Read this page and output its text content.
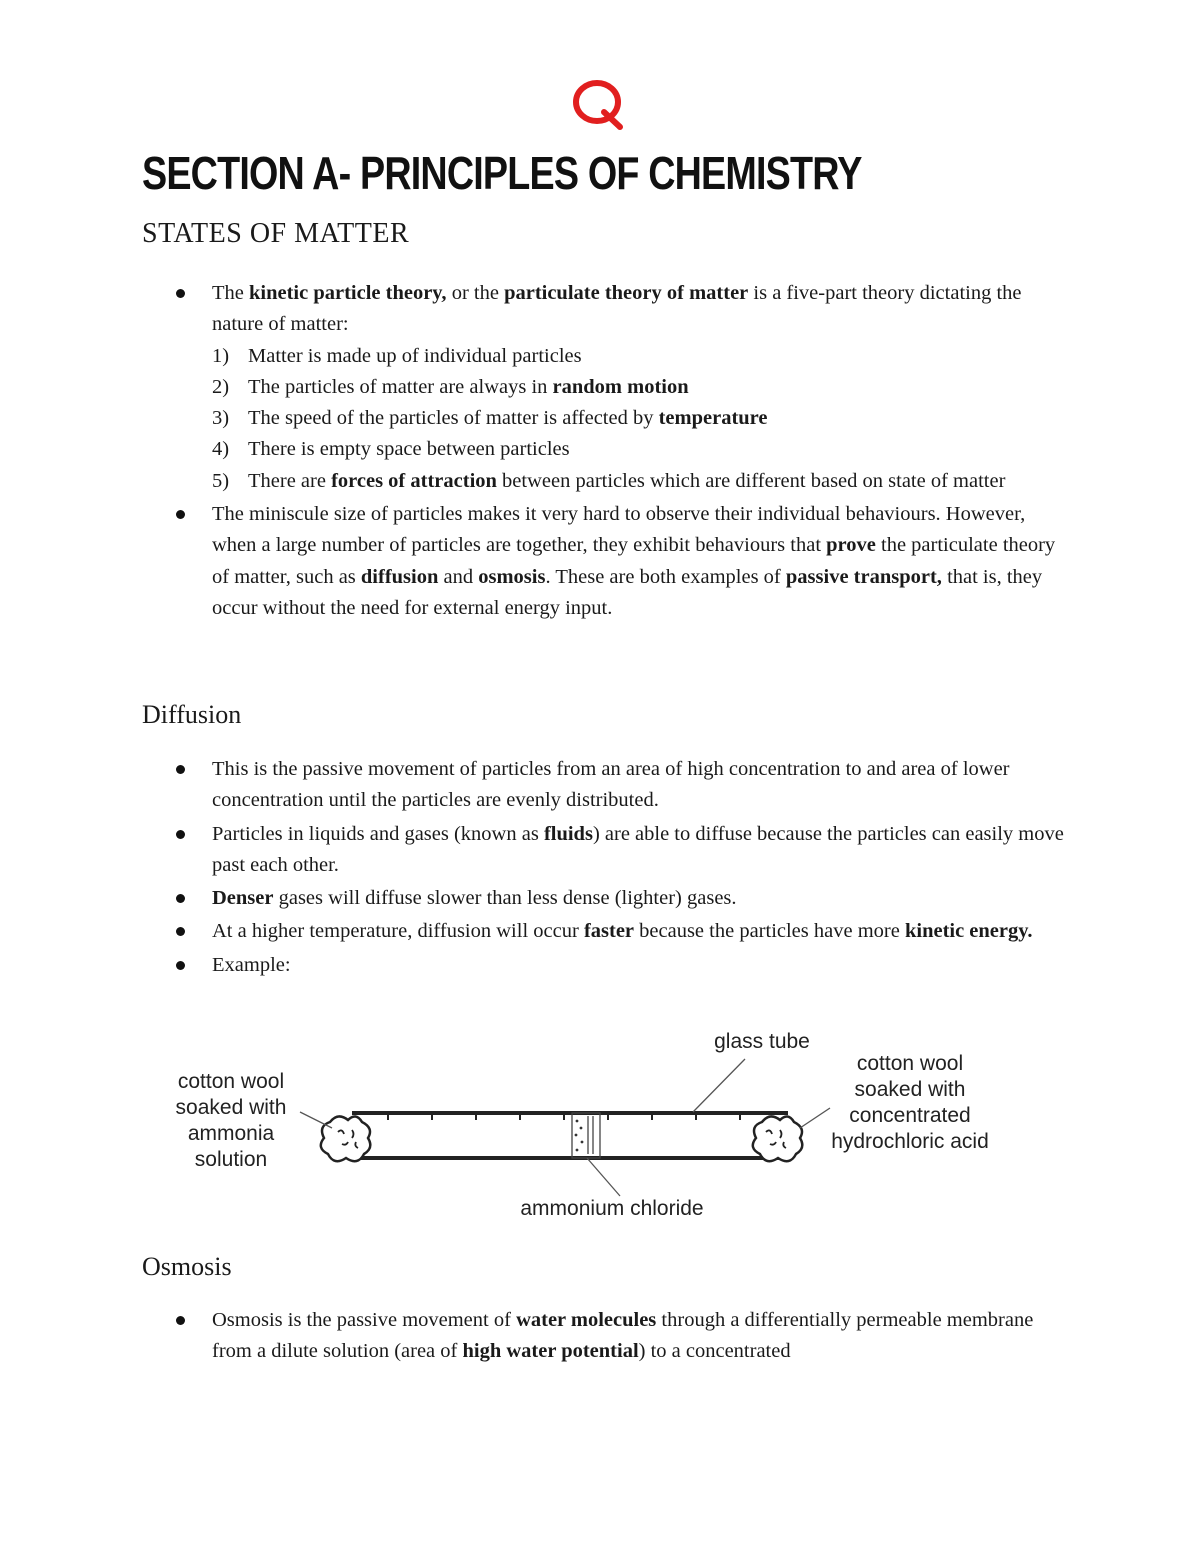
SECTION A- PRINCIPLES OF CHEMISTRY
STATES OF MATTER
The kinetic particle theory, or the particulate theory of matter is a five-part theory dictating the nature of matter:
1) Matter is made up of individual particles
2) The particles of matter are always in random motion
3) The speed of the particles of matter is affected by temperature
4) There is empty space between particles
5) There are forces of attraction between particles which are different based on state of matter
The miniscule size of particles makes it very hard to observe their individual behaviours. However, when a large number of particles are together, they exhibit behaviours that prove the particulate theory of matter, such as diffusion and osmosis. These are both examples of passive transport, that is, they occur without the need for external energy input.
Diffusion
This is the passive movement of particles from an area of high concentration to and area of lower concentration until the particles are evenly distributed.
Particles in liquids and gases (known as fluids) are able to diffuse because the particles can easily move past each other.
Denser gases will diffuse slower than less dense (lighter) gases.
At a higher temperature, diffusion will occur faster because the particles have more kinetic energy.
Example:
cotton wool
soaked with
ammonia
solution
glass tube
cotton wool
soaked with
concentrated
hydrochloric acid
ammonium chloride
Osmosis
Osmosis is the passive movement of water molecules through a differentially permeable membrane from a dilute solution (area of high water potential) to a concentrated
